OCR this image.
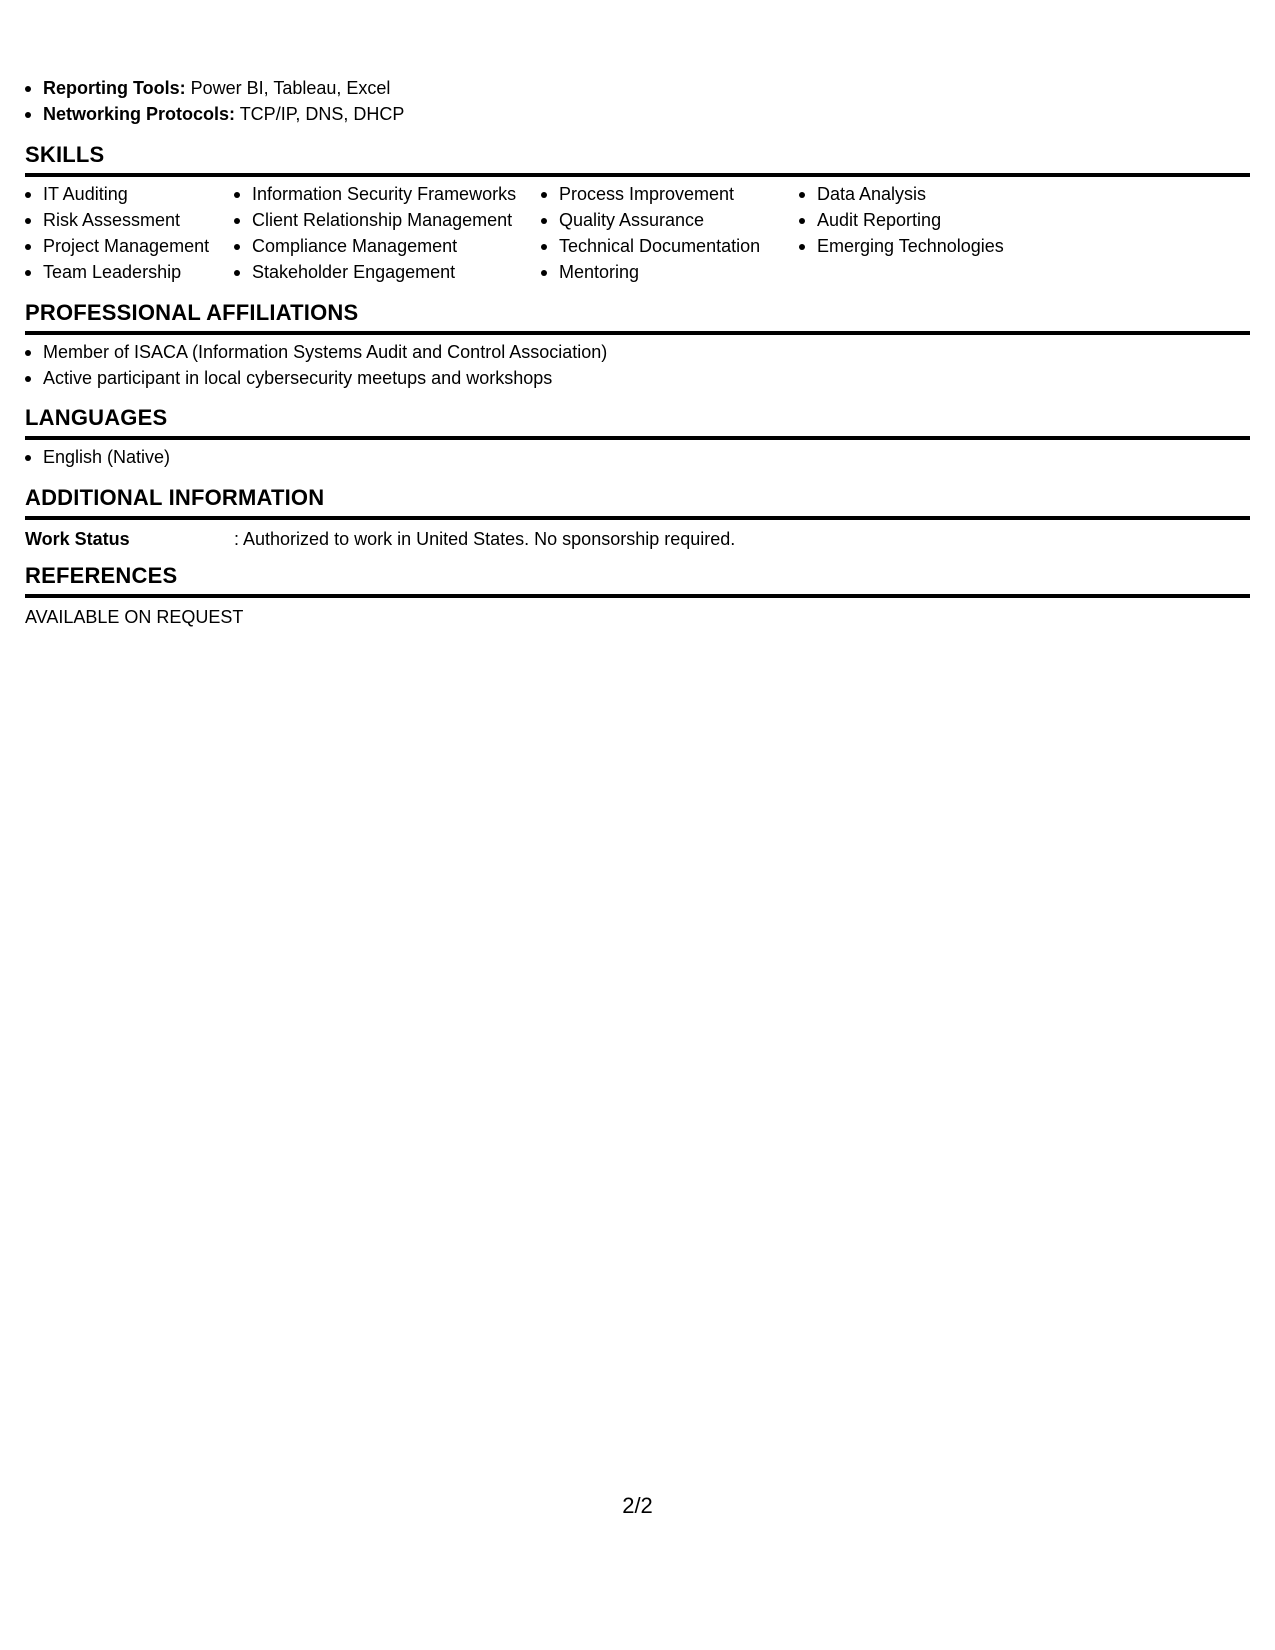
Reporting Tools: Power BI, Tableau, Excel
Networking Protocols: TCP/IP, DNS, DHCP
SKILLS
IT Auditing
Risk Assessment
Project Management
Team Leadership
Information Security Frameworks
Client Relationship Management
Compliance Management
Stakeholder Engagement
Process Improvement
Quality Assurance
Technical Documentation
Mentoring
Data Analysis
Audit Reporting
Emerging Technologies
PROFESSIONAL AFFILIATIONS
Member of ISACA (Information Systems Audit and Control Association)
Active participant in local cybersecurity meetups and workshops
LANGUAGES
English (Native)
ADDITIONAL INFORMATION
Work Status	: Authorized to work in United States. No sponsorship required.
REFERENCES
AVAILABLE ON REQUEST
2/2
